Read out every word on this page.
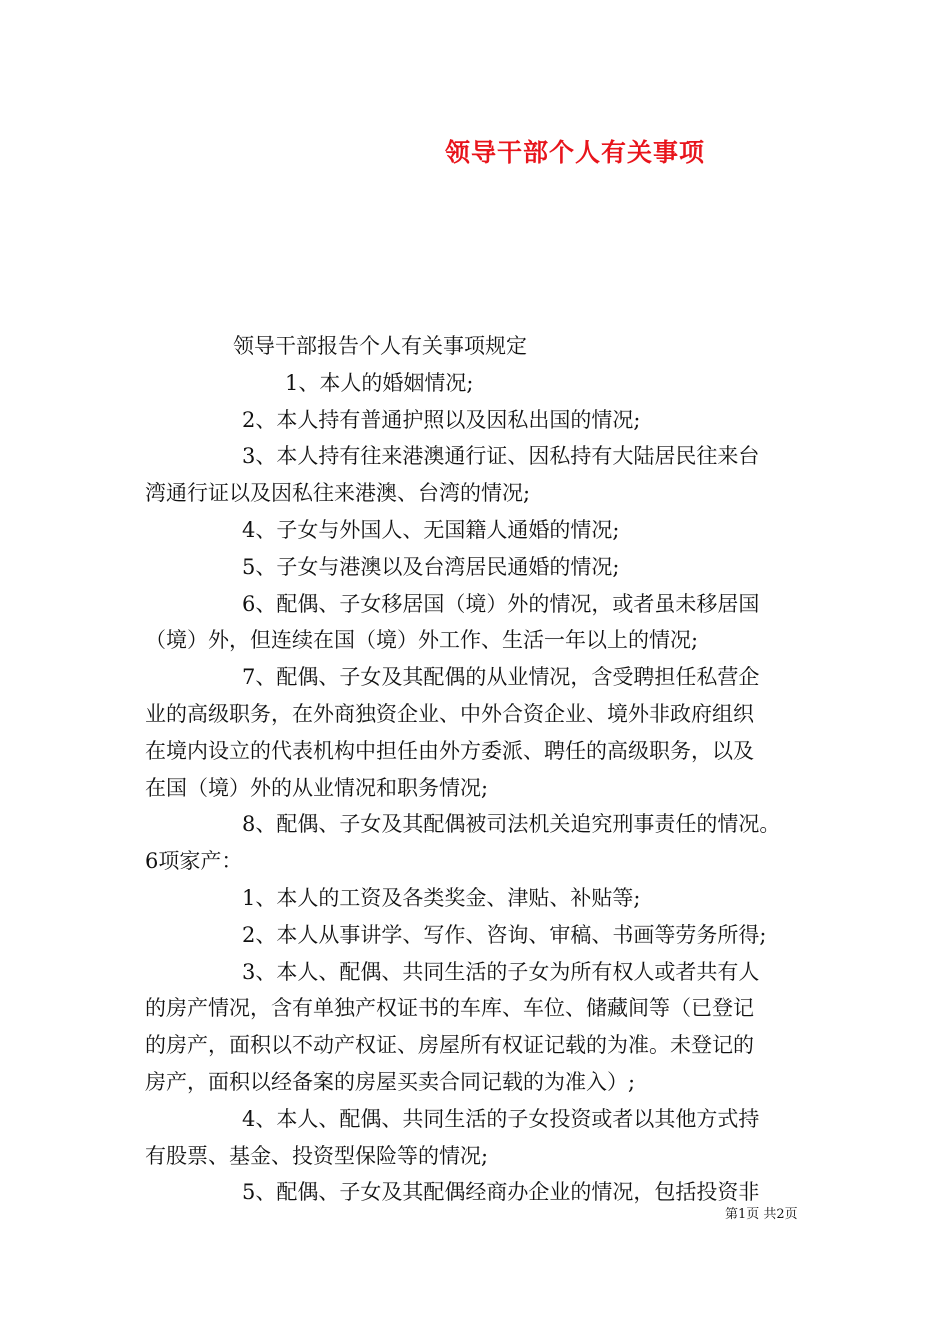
领导干部个人有关事项
领导干部报告个人有关事项规定
1、本人的婚姻情况;
2、本人持有普通护照以及因私出国的情况;
3、本人持有往来港澳通行证、因私持有大陆居民往来台
湾通行证以及因私往来港澳、台湾的情况;
4、子女与外国人、无国籍人通婚的情况;
5、子女与港澳以及台湾居民通婚的情况;
6、配偶、子女移居国（境）外的情况，或者虽未移居国
（境）外，但连续在国（境）外工作、生活一年以上的情况;
7、配偶、子女及其配偶的从业情况，含受聘担任私营企
业的高级职务，在外商独资企业、中外合资企业、境外非政府组织
在境内设立的代表机构中担任由外方委派、聘任的高级职务，以及
在国（境）外的从业情况和职务情况;
8、配偶、子女及其配偶被司法机关追究刑事责任的情况。
6项家产：
1、本人的工资及各类奖金、津贴、补贴等;
2、本人从事讲学、写作、咨询、审稿、书画等劳务所得;
3、本人、配偶、共同生活的子女为所有权人或者共有人
的房产情况，含有单独产权证书的车库、车位、储藏间等（已登记
的房产，面积以不动产权证、房屋所有权证记载的为准。未登记的
房产，面积以经备案的房屋买卖合同记载的为准入）;
4、本人、配偶、共同生活的子女投资或者以其他方式持
有股票、基金、投资型保险等的情况;
5、配偶、子女及其配偶经商办企业的情况，包括投资非
第1页 共2页
